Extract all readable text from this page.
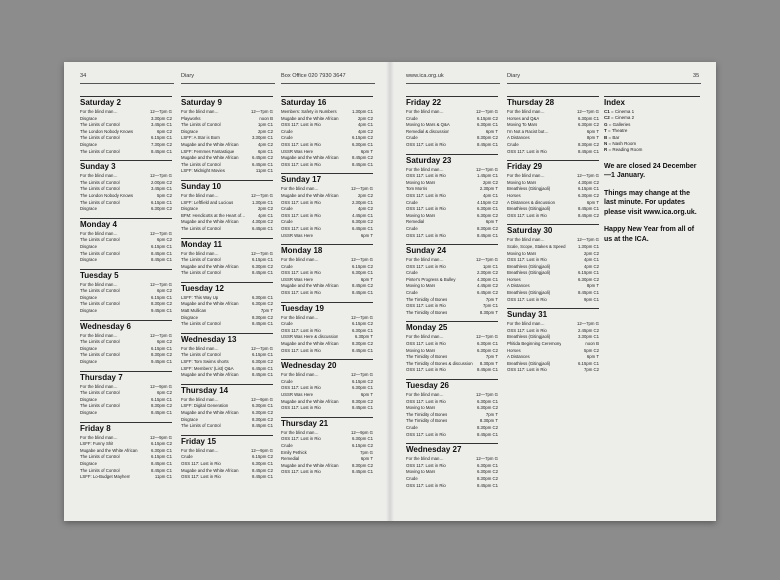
34	Diary	Box Office 020 7930 3647
Saturday 2
For the blind man…	12—7pm G
Disgrace	3.30pm C2
The Limits of Control	3.45pm C1
The London Nobody Knows	6pm C2
The Limits of Control	6.15pm C1
Disgrace	7.30pm C2
The Limits of Control	8.45pm C1
Sunday 3
For the blind man…	12—7pm G
The Limits of Control	2.00pm C2
The Limits of Control	3.45pm C1
The London Nobody Knows	5pm C2
The Limits of Control	6.15pm C1
Disgrace	6.30pm C2
Monday 4
For the blind man…	12—7pm G
The Limits of Control	6pm C2
Disgrace	6.15pm C1
The Limits of Control	8.45pm C1
Disgrace	8.45pm C1
Tuesday 5
For the blind man…	12—7pm G
The Limits of Control	6pm C2
Disgrace	6.15pm C1
The Limits of Control	8.30pm C2
Disgrace	9.45pm C1
Wednesday 6
For the blind man…	12—7pm G
The Limits of Control	6pm C2
Disgrace	6.15pm C1
The Limits of Control	8.30pm C2
Disgrace	9.45pm C1
Thursday 7
For the blind man…	12—9pm G
The Limits of Control	6pm C2
Disgrace	6.15pm C1
The Limits of Control	8.30pm C2
Disgrace	8.45pm C1
Friday 8
For the blind man…	12—9pm G
LSFF: Funny Shit	6.15pm C2
Mugabe and the White African	6.30pm C1
The Limits of Control	6.15pm C1
Disgrace	8.45pm C1
The Limits of Control	8.45pm C1
LSFF: Lo-Budget Mayhem	11pm C1
Saturday 9
For the blind man…	12—7pm G
Playworks	noon B
The Limits of Control	1pm C1
Disgrace	2pm C2
LSFF: A Star is Born	3.30pm C1
Mugabe and the White African	4pm C2
LSFF: Femmes Fantastique	6pm C1
Mugabe and the White African	6.45pm C2
The Limits of Control	6.45pm C1
LSFF: Midnight Movies	11pm C1
Sunday 10
For the blind man…	12—7pm G
LSFF: Leftfield and Lucious	1.30pm C1
Disgrace	2pm C2
BFM: Hendicotts at the Heart of…	4pm C1
Mugabe and the White African	4.30pm C2
The Limits of Control	6.45pm C1
Monday 11
For the blind man…	12—7pm G
The Limits of Control	6.15pm C1
Mugabe and the White African	6.30pm C2
The Limits of Control	8.45pm C1
Tuesday 12
LSFF: This Way Up	6.30pm C1
Mugabe and the White African	6.30pm C2
Matt Mullican	7pm T
Disgrace	8.30pm C2
The Limits of Control	8.45pm C1
Wednesday 13
For the blind man…	12—7pm G
The Limits of Control	6.15pm C1
LSFF: Tom Swims shorts	6.30pm C2
LSFF: Members' (List) Q&A	6.45pm C1
Mugabe and the White African	8.45pm C1
Thursday 14
For the blind man…	12—9pm G
LSFF: Digital Generation	6.30pm C1
Mugabe and the White African	6.30pm C2
Disgrace	8.30pm C2
The Limits of Control	8.45pm C1
Friday 15
For the blind man…	12—9pm G
Crude	6.15pm C2
OSS 117: Lost in Rio	6.30pm C1
Mugabe and the White African	8.45pm C2
OSS 117: Lost in Rio	8.45pm C1
Saturday 16
Members: Safety in Numbers	1.30pm C1
Mugabe and the White African	2pm C2
OSS 117: Lost in Rio	4pm C1
Crude	4pm C2
Crude	6.15pm C2
OSS 117: Lost in Rio	6.30pm C1
USSR Was Here	6pm T
Mugabe and the White African	8.45pm C2
OSS 117: Lost in Rio	8.45pm C1
Sunday 17
For the blind man…	12—7pm G
Mugabe and the White African	2pm C2
OSS 117: Lost in Rio	2.30pm C1
Crude	4pm C2
OSS 117: Lost in Rio	4.45pm C1
Crude	6.30pm C2
OSS 117: Lost in Rio	6.45pm C1
USSR Was Here	6pm T
Monday 18
For the blind man…	12—7pm G
Crude	6.15pm C2
OSS 117: Lost in Rio	6.30pm C1
USSR Was Here	6pm T
Mugabe and the White African	8.45pm C2
OSS 117: Lost in Rio	8.45pm C1
Tuesday 19
For the blind man…	12—7pm G
Crude	6.15pm C2
OSS 117: Lost in Rio	6.30pm C1
USSR Was Here & discussion	6.30pm T
Mugabe and the White African	8.30pm C2
OSS 117: Lost in Rio	8.45pm C1
Wednesday 20
For the blind man…	12—7pm G
Crude	6.15pm C2
OSS 117: Lost in Rio	6.30pm C1
USSR Was Here	6pm T
Mugabe and the White African	8.30pm C2
OSS 117: Lost in Rio	8.45pm C1
Thursday 21
For the blind man…	12—9pm G
OSS 117: Lost in Rio	6.30pm C1
Crude	6.15pm C2
Emily Pethick	7pm G
Remedial	6pm T
Mugabe and the White African	8.30pm C2
OSS 117: Lost in Rio	8.45pm C1
www.ica.org.uk	Diary	35
Friday 22
For the blind man…	12—7pm G
Crude	6.15pm C2
Moving to Mars & Q&A	6.30pm C1
Remedial & discussion	6pm T
Crude	8.30pm C2
OSS 117: Lost in Rio	8.45pm C1
Saturday 23
For the blind man…	12—7pm G
OSS 117: Lost in Rio	1.45pm C1
Moving to Mars	2pm C2
Tom Morris	2.30pm T
OSS 117: Lost in Rio	4pm C1
Crude	4.15pm C2
OSS 117: Lost in Rio	6.30pm C1
Moving to Mars	6.30pm C2
Remedial	6pm T
Crude	8.30pm C2
OSS 117: Lost in Rio	8.45pm C1
Sunday 24
For the blind man…	12—7pm G
OSS 117: Lost in Rio	1pm C1
Crude	2.30pm C2
Pinter's Progress & Bulley	4.30pm C1
Moving to Mars	4.45pm C2
Crude	6.45pm C2
The Timidity of Bones	7pm T
OSS 117: Lost in Rio	7pm C1
The Timidity of Bones	8.30pm T
Monday 25
For the blind man…	12—7pm G
OSS 117: Lost in Rio	6.30pm C1
Moving to Mars	6.30pm C2
The Timidity of Bones	7pm T
The Timidity of Bones & discussion 8.30pm T
OSS 117: Lost in Rio	8.45pm C1
Tuesday 26
For the blind man…	12—7pm G
OSS 117: Lost in Rio	6.30pm C1
Moving to Mars	6.30pm C2
The Timidity of Bones	7pm T
The Timidity of Bones	8.30pm T
Crude	8.30pm C2
OSS 117: Lost in Rio	8.45pm C1
Wednesday 27
For the blind man…	12—7pm G
OSS 117: Lost in Rio	6.30pm C1
Moving to Mars	6.30pm C2
Crude	8.30pm C2
OSS 117: Lost in Rio	8.45pm C1
Thursday 28
For the blind man…	12—7pm G
Horses and Q&A	6.30pm C1
Moving To Mars	6.30pm C2
I'm Not a Racist but…	6pm T
A Distances	8pm T
Crude	8.30pm C2
OSS 117: Lost in Rio	8.45pm C1
Friday 29
For the blind man…	12—7pm G
Moving to Mars	4.30pm C2
Breathless (Gitingjaoli)	6.15pm C1
Horses	6.30pm C2
A Distances & discussion	6pm T
Breathless (Gitingjaoli)	8.45pm C1
OSS 117: Lost in Rio	8.45pm C2
Saturday 30
For the blind man…	12—7pm G
Scale, Scope, Stakes & Speed	1.30pm C1
Moving to Mars	2pm C2
OSS 117: Lost in Rio	4pm C1
Breathless (Gitingjaoli)	4pm C2
Breathless (Gitingjaoli)	6.15pm C1
Horses	6.30pm C2
A Distances	8pm T
Breathless (Gitingjaoli)	8.45pm C1
OSS 117: Lost in Rio	9pm C1
Sunday 31
For the blind man…	12—7pm G
OSS 117: Lost in Rio	2.45pm C2
Breathless (Gitingjaoli)	3.30pm C1
Phitida Beginning Ceremony	noon B
Horses	5pm C2
A Distances	6pm T
Breathless (Gitingjaoli)	6.15pm C1
OSS 117: Lost in Rio	7pm C2
Index
C1 = Cinema 1
C2 = Cinema 2
G = Galleries
T = Theatre
B = Bar
N = Nash Room
R = Reading Room
We are closed 24 December—1 January.
Things may change at the last minute. For updates please visit www.ica.org.uk.
Happy New Year from all of us at the ICA.
